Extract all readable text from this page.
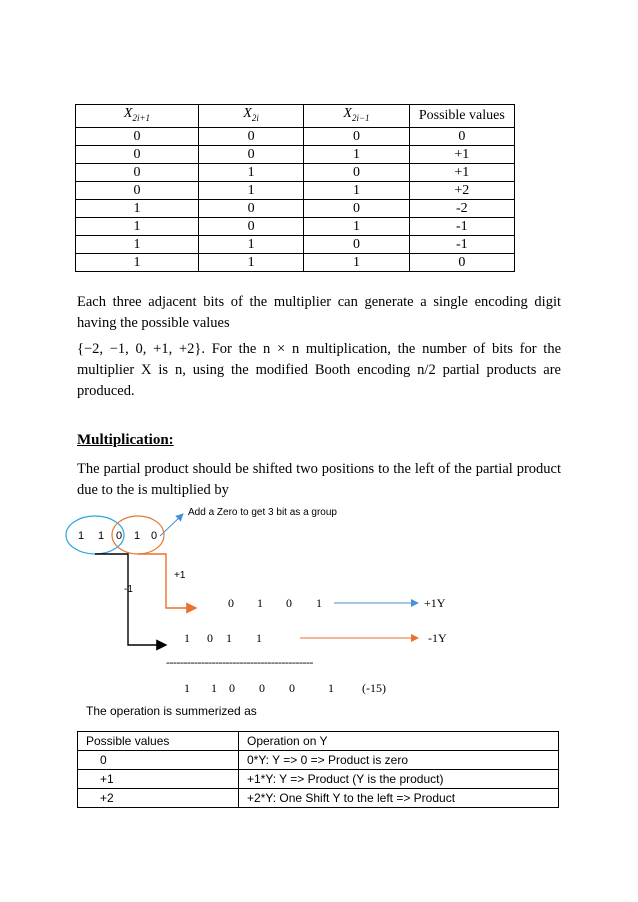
$X_{2i+1}$	$X_{2i}$	$X_{2i-1}$	Possible values
0	0	0	0
0	0	1	+1
0	1	0	+1
0	1	1	+2
1	0	0	-2
1	0	1	-1
1	1	0	-1
1	1	1	0
Each three adjacent bits of the multiplier can generate a single encoding digit having the possible values
{−2, −1, 0, +1, +2}. For the n × n multiplication, the number of bits for the multiplier X is n, using the modified Booth encoding n/2 partial products are produced.
Multiplication:
The partial product should be shifted two positions to the left of the partial product due to the is multiplied by
Add a Zero to get 3 bit as a group
1 1 0 1 0
-1
+1
0 1 0 1	+1Y
1 0 1 1	-1Y
------------------------------------------
1 1 0 0 0	1 (-15)
The operation is summerized as
Possible values	Operation on Y
0	0*Y: Y => 0 => Product is zero
+1	+1*Y: Y => Product (Y is the product)
+2	+2*Y: One Shift Y to the left => Product
